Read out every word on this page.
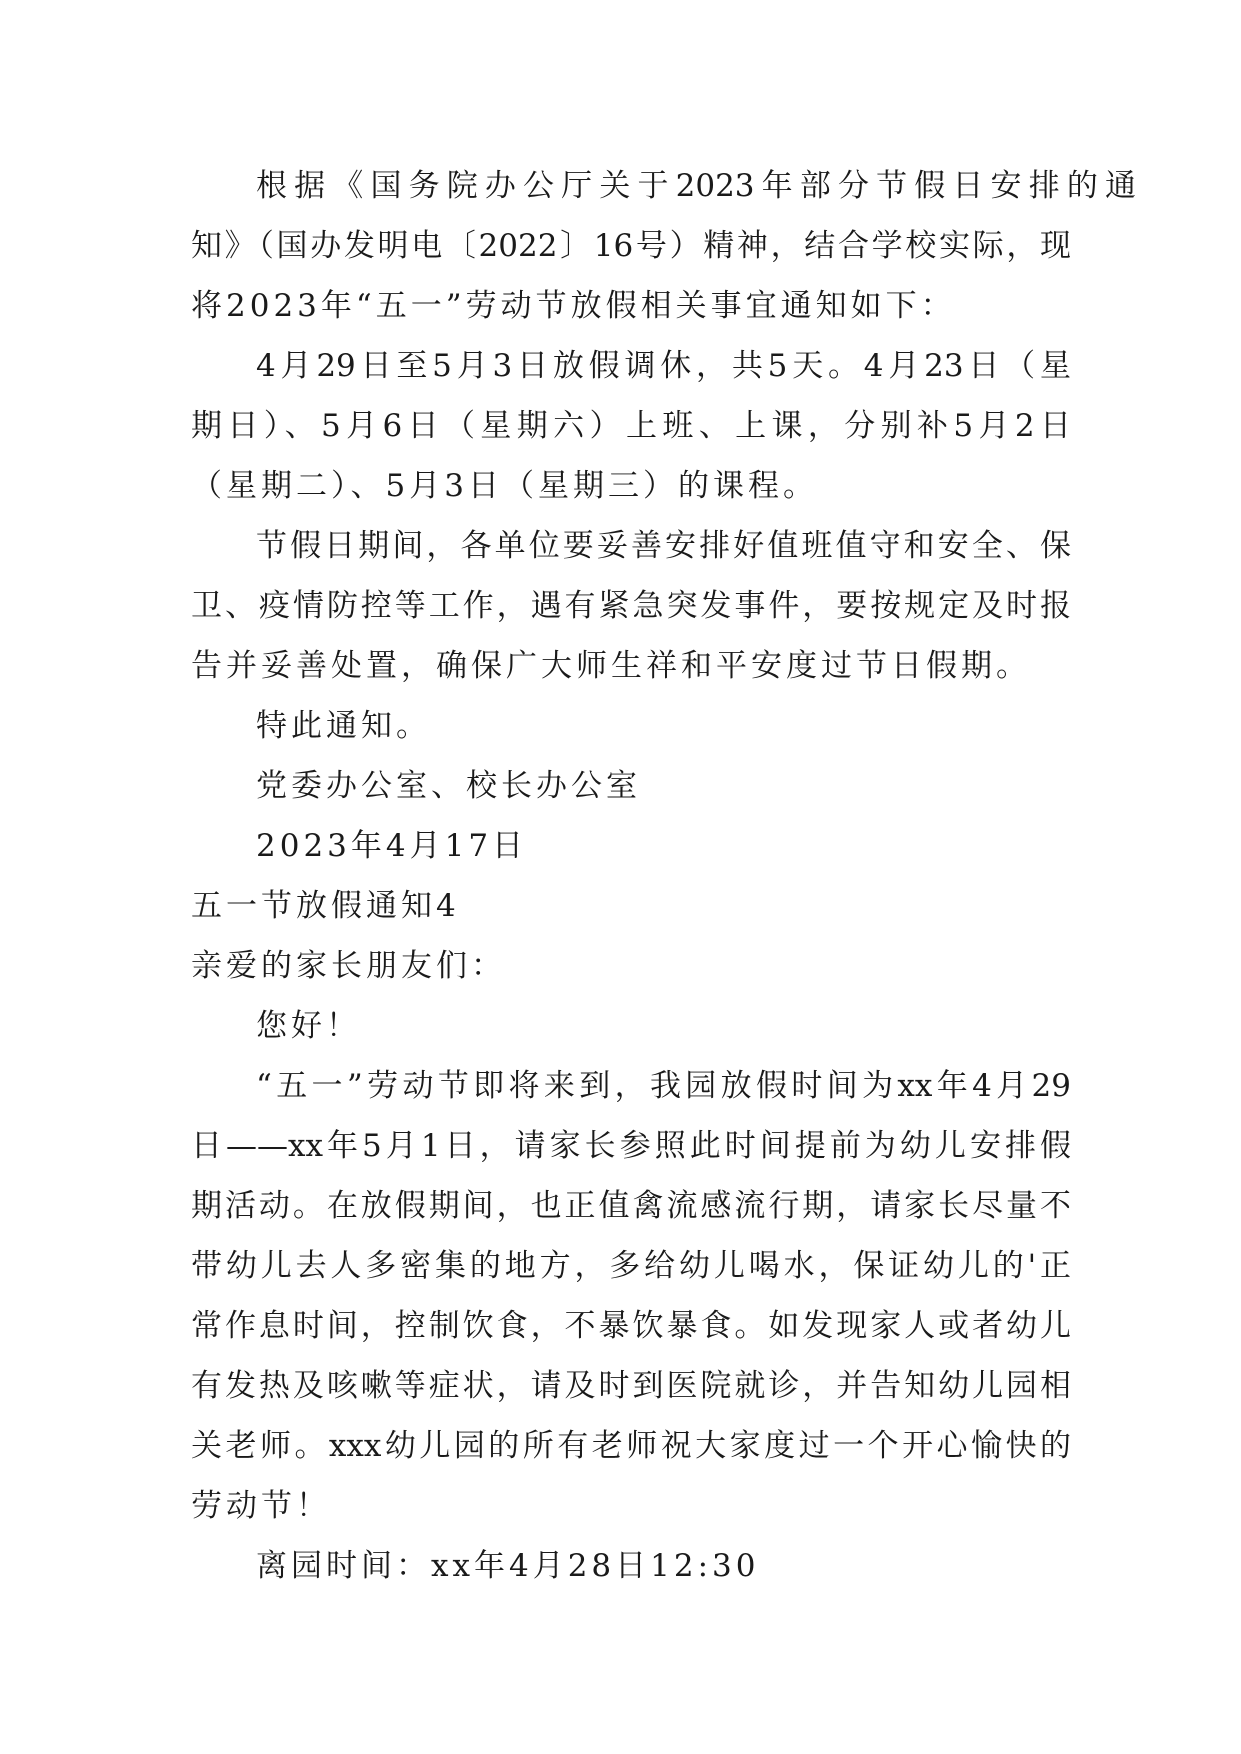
根据《国务院办公厅关于2023年部分节假日安排的通
知》（国办发明电〔2022〕16号）精神，结合学校实际，现
将2023年“五一”劳动节放假相关事宜通知如下：
4月29日至5月3日放假调休，共5天。4月23日（星
期日）、5月6日（星期六）上班、上课，分别补5月2日
（星期二）、5月3日（星期三）的课程。
节假日期间，各单位要妥善安排好值班值守和安全、保
卫、疫情防控等工作，遇有紧急突发事件，要按规定及时报
告并妥善处置，确保广大师生祥和平安度过节日假期。
特此通知。
党委办公室、校长办公室
2023年4月17日
五一节放假通知4
亲爱的家长朋友们：
您好！
“五一”劳动节即将来到，我园放假时间为xx年4月29
日——xx年5月1日，请家长参照此时间提前为幼儿安排假
期活动。在放假期间，也正值禽流感流行期，请家长尽量不
带幼儿去人多密集的地方，多给幼儿喝水，保证幼儿的'正
常作息时间，控制饮食，不暴饮暴食。如发现家人或者幼儿
有发热及咳嗽等症状，请及时到医院就诊，并告知幼儿园相
关老师。xxx幼儿园的所有老师祝大家度过一个开心愉快的
劳动节！
离园时间：xx年4月28日12:30
